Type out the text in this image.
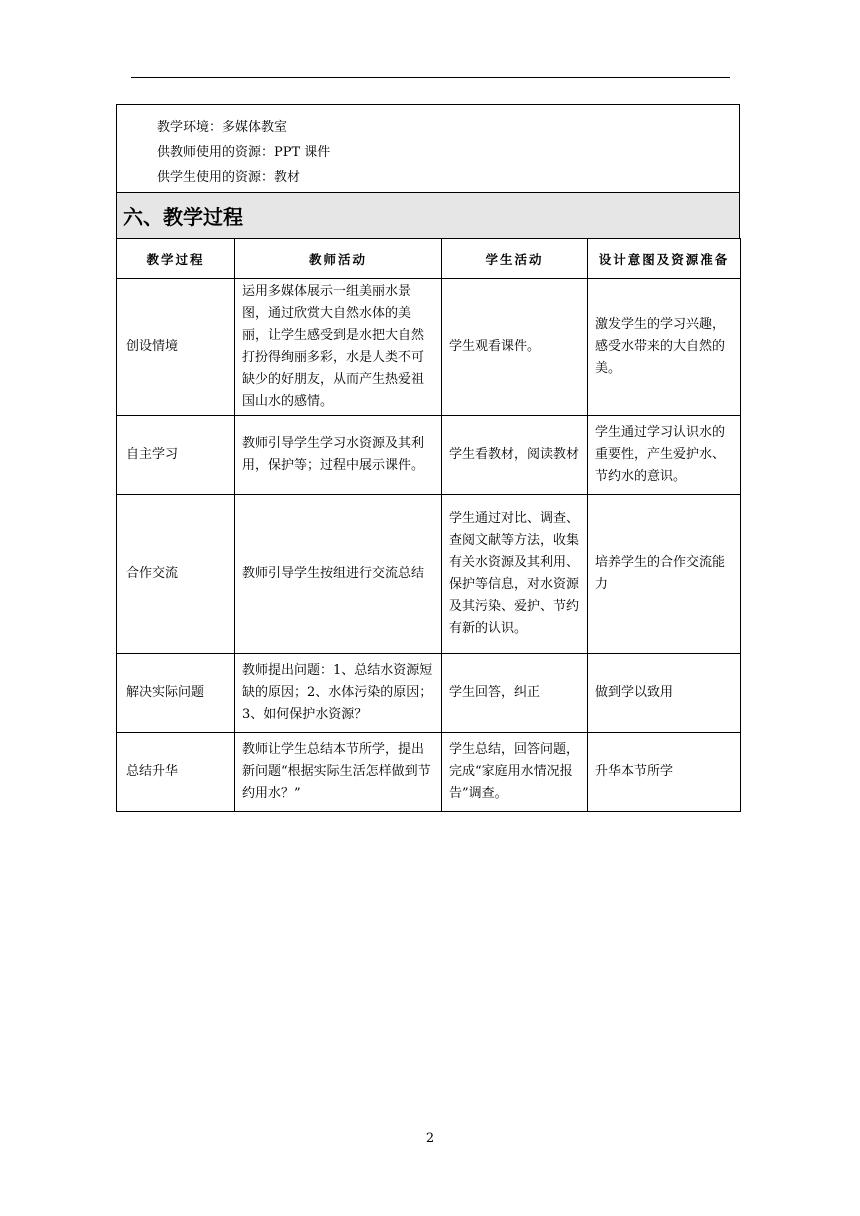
教学环境：多媒体教室
供教师使用的资源：PPT 课件
供学生使用的资源：教材
六、教学过程
教学过程	教师活动	学生活动	设计意图及资源准备
创设情境	运用多媒体展示一组美丽水景图，通过欣赏大自然水体的美丽，让学生感受到是水把大自然打扮得绚丽多彩，水是人类不可缺少的好朋友，从而产生热爱祖国山水的感情。	学生观看课件。	激发学生的学习兴趣，感受水带来的大自然的美。
自主学习	教师引导学生学习水资源及其利用，保护等；过程中展示课件。	学生看教材，阅读教材	学生通过学习认识水的重要性，产生爱护水、节约水的意识。
合作交流	教师引导学生按组进行交流总结	学生通过对比、调查、查阅文献等方法，收集有关水资源及其利用、保护等信息，对水资源及其污染、爱护、节约有新的认识。	培养学生的合作交流能力
解决实际问题	教师提出问题：1、总结水资源短缺的原因；2、水体污染的原因；3、如何保护水资源？	学生回答，纠正	做到学以致用
总结升华	教师让学生总结本节所学，提出新问题“根据实际生活怎样做到节约用水？”	学生总结，回答问题，完成“家庭用水情况报告”调查。	升华本节所学
2
